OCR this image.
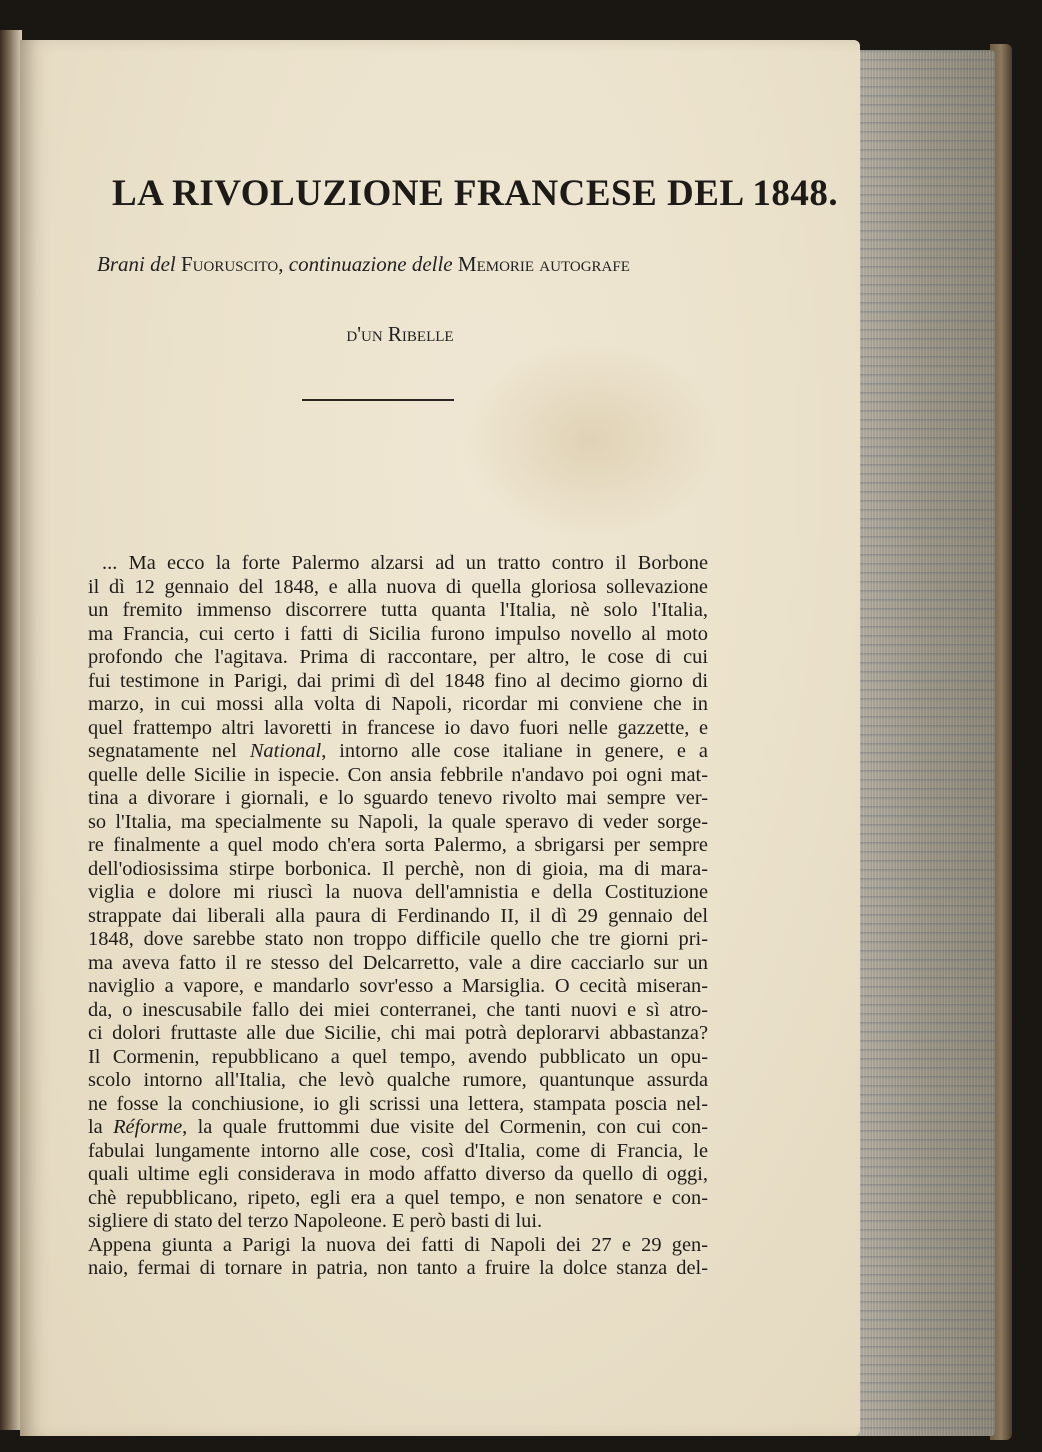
LA RIVOLUZIONE FRANCESE DEL 1848.
Brani del Fuoruscito, continuazione delle Memorie autografe
d'un Ribelle
... Ma ecco la forte Palermo alzarsi ad un tratto contro il Borbone
il dì 12 gennaio del 1848, e alla nuova di quella gloriosa sollevazione
un fremito immenso discorrere tutta quanta l'Italia, nè solo l'Italia,
ma Francia, cui certo i fatti di Sicilia furono impulso novello al moto
profondo che l'agitava. Prima di raccontare, per altro, le cose di cui
fui testimone in Parigi, dai primi dì del 1848 fino al decimo giorno di
marzo, in cui mossi alla volta di Napoli, ricordar mi conviene che in
quel frattempo altri lavoretti in francese io davo fuori nelle gazzette, e
segnatamente nel National, intorno alle cose italiane in genere, e a
quelle delle Sicilie in ispecie. Con ansia febbrile n'andavo poi ogni mat-
tina a divorare i giornali, e lo sguardo tenevo rivolto mai sempre ver-
so l'Italia, ma specialmente su Napoli, la quale speravo di veder sorge-
re finalmente a quel modo ch'era sorta Palermo, a sbrigarsi per sempre
dell'odiosissima stirpe borbonica. Il perchè, non di gioia, ma di mara-
viglia e dolore mi riuscì la nuova dell'amnistia e della Costituzione
strappate dai liberali alla paura di Ferdinando II, il dì 29 gennaio del
1848, dove sarebbe stato non troppo difficile quello che tre giorni pri-
ma aveva fatto il re stesso del Delcarretto, vale a dire cacciarlo sur un
naviglio a vapore, e mandarlo sovr'esso a Marsiglia. O cecità miseran-
da, o inescusabile fallo dei miei conterranei, che tanti nuovi e sì atro-
ci dolori fruttaste alle due Sicilie, chi mai potrà deplorarvi abbastanza?
Il Cormenin, repubblicano a quel tempo, avendo pubblicato un opu-
scolo intorno all'Italia, che levò qualche rumore, quantunque assurda
ne fosse la conchiusione, io gli scrissi una lettera, stampata poscia nel-
la Réforme, la quale fruttommi due visite del Cormenin, con cui con-
fabulai lungamente intorno alle cose, così d'Italia, come di Francia, le
quali ultime egli considerava in modo affatto diverso da quello di oggi,
chè repubblicano, ripeto, egli era a quel tempo, e non senatore e con-
sigliere di stato del terzo Napoleone. E però basti di lui.
Appena giunta a Parigi la nuova dei fatti di Napoli dei 27 e 29 gen-
naio, fermai di tornare in patria, non tanto a fruire la dolce stanza del-
